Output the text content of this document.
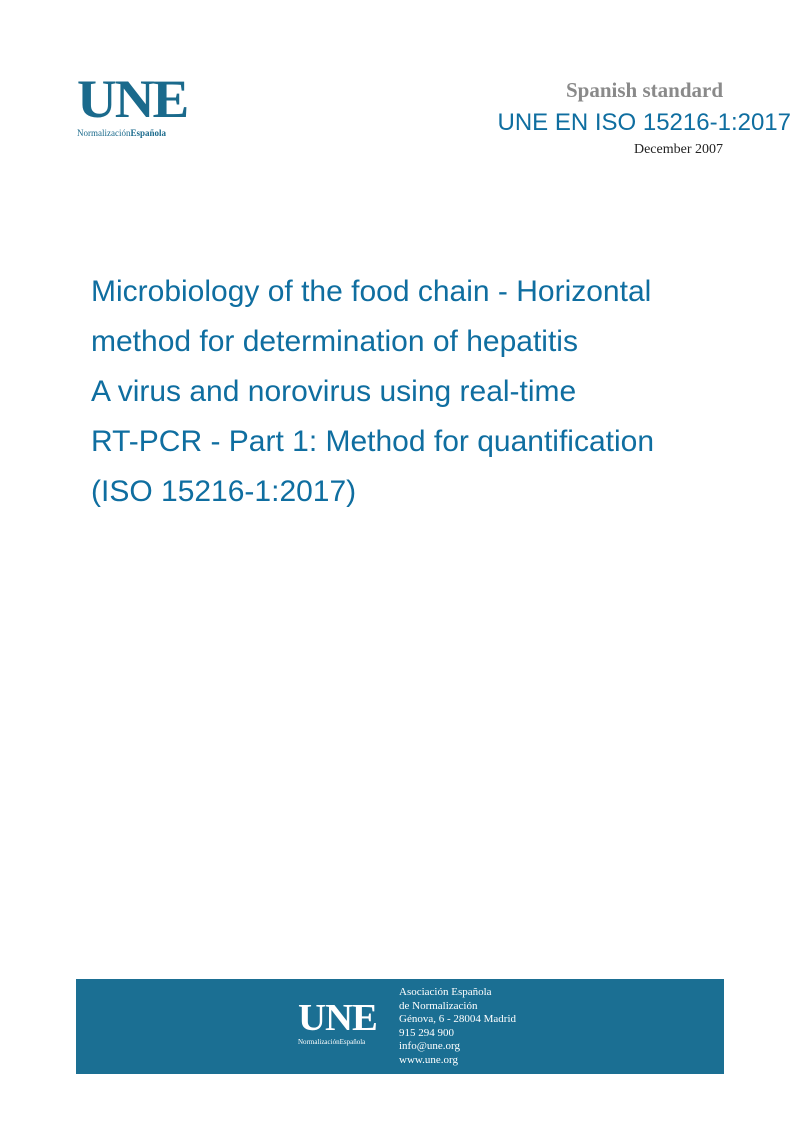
UNE
NormalizaciónEspañola
Spanish standard
UNE EN ISO 15216-1:2017
December 2007
Microbiology of the food chain - Horizontal
method for determination of hepatitis
A virus and norovirus using real-time
RT-PCR - Part 1: Method for quantification
(ISO 15216-1:2017)
UNE
NormalizaciónEspañola
Asociación Española
de Normalización
Génova, 6 - 28004 Madrid
915 294 900
info@une.org
www.une.org
